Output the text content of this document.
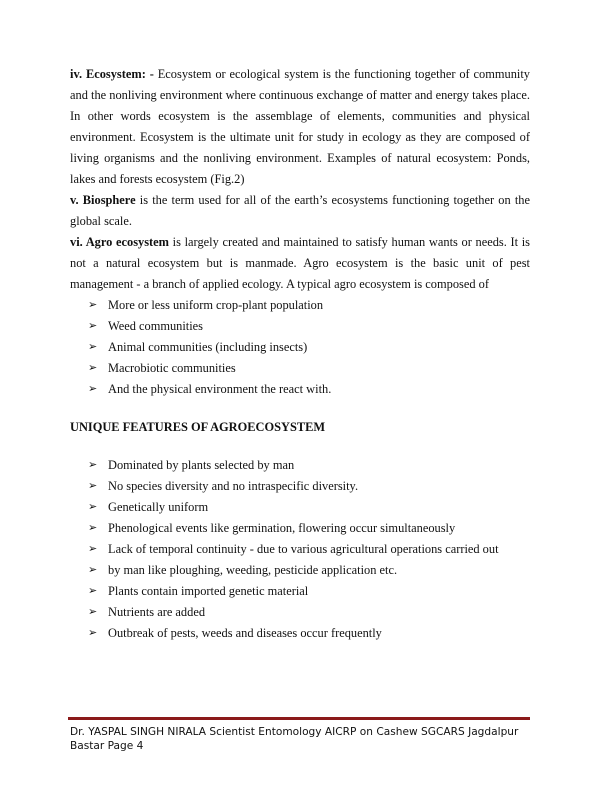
iv. Ecosystem: - Ecosystem or ecological system is the functioning together of community and the nonliving environment where continuous exchange of matter and energy takes place. In other words ecosystem is the assemblage of elements, communities and physical environment. Ecosystem is the ultimate unit for study in ecology as they are composed of living organisms and the nonliving environment. Examples of natural ecosystem: Ponds, lakes and forests ecosystem (Fig.2)

v. Biosphere is the term used for all of the earth’s ecosystems functioning together on the global scale.

vi. Agro ecosystem is largely created and maintained to satisfy human wants or needs. It is not a natural ecosystem but is manmade. Agro ecosystem is the basic unit of pest management - a branch of applied ecology. A typical agro ecosystem is composed of

➢ More or less uniform crop-plant population
➢ Weed communities
➢ Animal communities (including insects)
➢ Macrobiotic communities
➢ And the physical environment the react with.

UNIQUE FEATURES OF AGROECOSYSTEM

➢ Dominated by plants selected by man
➢ No species diversity and no intraspecific diversity.
➢ Genetically uniform
➢ Phenological events like germination, flowering occur simultaneously
➢ Lack of temporal continuity - due to various agricultural operations carried out
➢ by man like ploughing, weeding, pesticide application etc.
➢ Plants contain imported genetic material
➢ Nutrients are added
➢ Outbreak of pests, weeds and diseases occur frequently
Dr. YASPAL SINGH NIRALA Scientist Entomology AICRP on Cashew SGCARS Jagdalpur Bastar Page 4
